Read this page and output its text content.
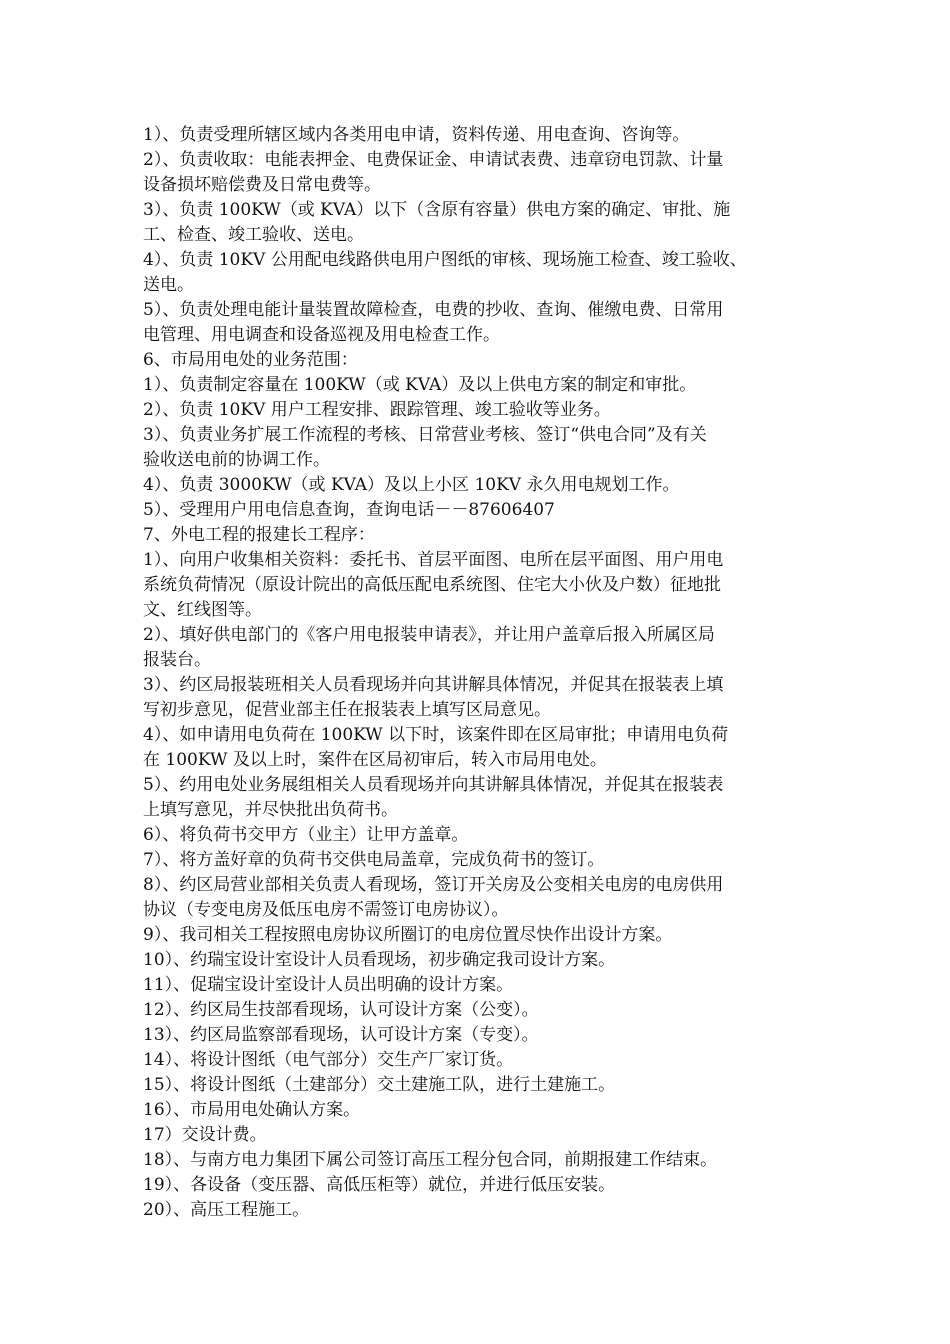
1）、负责受理所辖区域内各类用电申请，资料传递、用电查询、咨询等。
2）、负责收取：电能表押金、电费保证金、申请试表费、违章窃电罚款、计量
设备损坏赔偿费及日常电费等。
3）、负责 100KW（或 KVA）以下（含原有容量）供电方案的确定、审批、施
工、检查、竣工验收、送电。
4）、负责 10KV 公用配电线路供电用户图纸的审核、现场施工检查、竣工验收、
送电。
5）、负责处理电能计量装置故障检查，电费的抄收、查询、催缴电费、日常用
电管理、用电调查和设备巡视及用电检查工作。
6、市局用电处的业务范围：
1）、负责制定容量在 100KW（或 KVA）及以上供电方案的制定和审批。
2）、负责 10KV 用户工程安排、跟踪管理、竣工验收等业务。
3）、负责业务扩展工作流程的考核、日常营业考核、签订“供电合同”及有关
验收送电前的协调工作。
4）、负责 3000KW（或 KVA）及以上小区 10KV 永久用电规划工作。
5）、受理用户用电信息查询，查询电话－－87606407
7、外电工程的报建长工程序：
1）、向用户收集相关资料：委托书、首层平面图、电所在层平面图、用户用电
系统负荷情况（原设计院出的高低压配电系统图、住宅大小伙及户数）征地批
文、红线图等。
2）、填好供电部门的《客户用电报装申请表》，并让用户盖章后报入所属区局
报装台。
3）、约区局报装班相关人员看现场并向其讲解具体情况，并促其在报装表上填
写初步意见，促营业部主任在报装表上填写区局意见。
4）、如申请用电负荷在 100KW 以下时，该案件即在区局审批；申请用电负荷
在 100KW 及以上时，案件在区局初审后，转入市局用电处。
5）、约用电处业务展组相关人员看现场并向其讲解具体情况，并促其在报装表
上填写意见，并尽快批出负荷书。
6）、将负荷书交甲方（业主）让甲方盖章。
7）、将方盖好章的负荷书交供电局盖章，完成负荷书的签订。
8）、约区局营业部相关负责人看现场，签订开关房及公变相关电房的电房供用
协议（专变电房及低压电房不需签订电房协议）。
9）、我司相关工程按照电房协议所圈订的电房位置尽快作出设计方案。
10）、约瑞宝设计室设计人员看现场，初步确定我司设计方案。
11）、促瑞宝设计室设计人员出明确的设计方案。
12）、约区局生技部看现场，认可设计方案（公变）。
13）、约区局监察部看现场，认可设计方案（专变）。
14）、将设计图纸（电气部分）交生产厂家订货。
15）、将设计图纸（土建部分）交土建施工队，进行土建施工。
16）、市局用电处确认方案。
17）交设计费。
18）、与南方电力集团下属公司签订高压工程分包合同，前期报建工作结束。
19）、各设备（变压器、高低压柜等）就位，并进行低压安装。
20）、高压工程施工。
